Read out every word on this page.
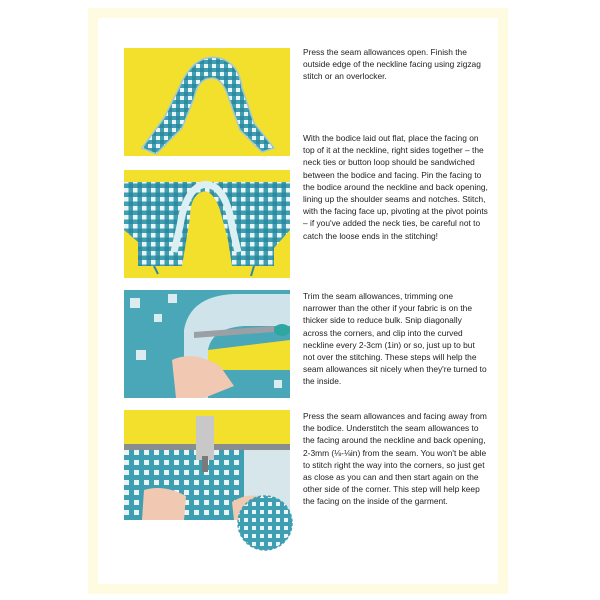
Press the seam allowances open. Finish the outside edge of the neckline facing using zigzag stitch or an overlocker.

With the bodice laid out flat, place the facing on top of it at the neckline, right sides together – the neck ties or button loop should be sandwiched between the bodice and facing. Pin the facing to the bodice around the neckline and back opening, lining up the shoulder seams and notches. Stitch, with the facing face up, pivoting at the pivot points – if you've added the neck ties, be careful not to catch the loose ends in the stitching!

Trim the seam allowances, trimming one narrower than the other if your fabric is on the thicker side to reduce bulk. Snip diagonally across the corners, and clip into the curved neckline every 2-3cm (1in) or so, just up to but not over the stitching. These steps will help the seam allowances sit nicely when they're turned to the inside.

Press the seam allowances and facing away from the bodice. Understitch the seam allowances to the facing around the neckline and back opening, 2-3mm (⅛-⅛in) from the seam. You won't be able to stitch right the way into the corners, so just get as close as you can and then start again on the other side of the corner. This step will help keep the facing on the inside of the garment.
